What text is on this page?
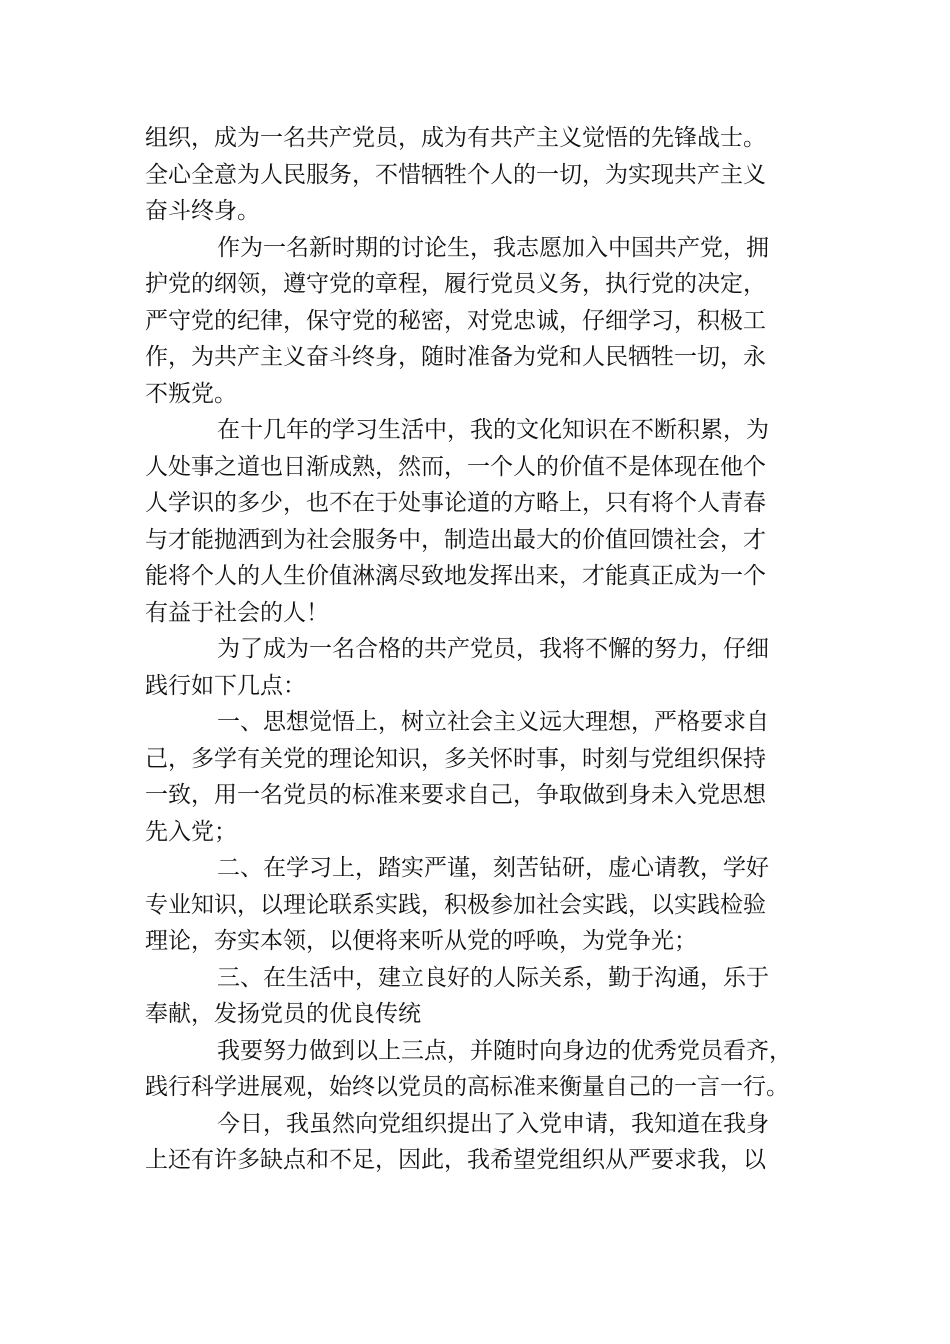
组织，成为一名共产党员，成为有共产主义觉悟的先锋战士。
全心全意为人民服务，不惜牺牲个人的一切，为实现共产主义
奋斗终身。

作为一名新时期的讨论生，我志愿加入中国共产党，拥
护党的纲领，遵守党的章程，履行党员义务，执行党的决定，
严守党的纪律，保守党的秘密，对党忠诚，仔细学习，积极工
作，为共产主义奋斗终身，随时准备为党和人民牺牲一切，永
不叛党。

在十几年的学习生活中，我的文化知识在不断积累，为
人处事之道也日渐成熟，然而，一个人的价值不是体现在他个
人学识的多少，也不在于处事论道的方略上，只有将个人青春
与才能抛洒到为社会服务中，制造出最大的价值回馈社会，才
能将个人的人生价值淋漓尽致地发挥出来，才能真正成为一个
有益于社会的人！

为了成为一名合格的共产党员，我将不懈的努力，仔细
践行如下几点：

一、思想觉悟上，树立社会主义远大理想，严格要求自
己，多学有关党的理论知识，多关怀时事，时刻与党组织保持
一致，用一名党员的标准来要求自己，争取做到身未入党思想
先入党；

二、在学习上，踏实严谨，刻苦钻研，虚心请教，学好
专业知识，以理论联系实践，积极参加社会实践，以实践检验
理论，夯实本领，以便将来听从党的呼唤，为党争光；

三、在生活中，建立良好的人际关系，勤于沟通，乐于
奉献，发扬党员的优良传统

我要努力做到以上三点，并随时向身边的优秀党员看齐，
践行科学进展观，始终以党员的高标准来衡量自己的一言一行。

今日，我虽然向党组织提出了入党申请，我知道在我身
上还有许多缺点和不足，因此，我希望党组织从严要求我，以
